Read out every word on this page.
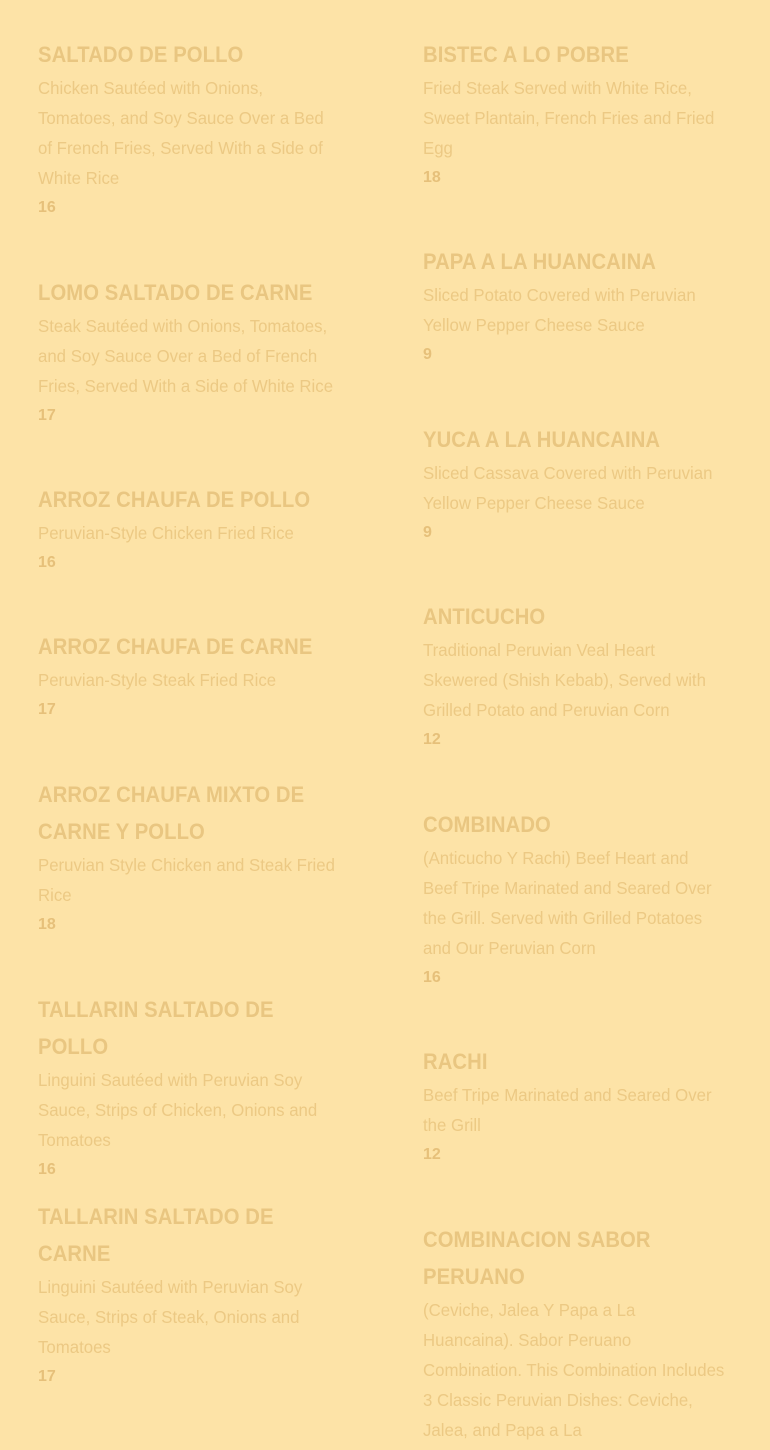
SALTADO DE POLLO

Chicken Sautéed with Onions, Tomatoes, and Soy Sauce Over a Bed of French Fries, Served With a Side of White Rice

16

LOMO SALTADO DE CARNE

Steak Sautéed with Onions, Tomatoes, and Soy Sauce Over a Bed of French Fries, Served With a Side of White Rice

17

ARROZ CHAUFA DE POLLO

Peruvian-Style Chicken Fried Rice

16

ARROZ CHAUFA DE CARNE

Peruvian-Style Steak Fried Rice

17

ARROZ CHAUFA MIXTO DE CARNE Y POLLO

Peruvian Style Chicken and Steak Fried Rice

18

TALLARIN SALTADO DE POLLO

Linguini Sautéed with Peruvian Soy Sauce, Strips of Chicken, Onions and Tomatoes

16

TALLARIN SALTADO DE CARNE

Linguini Sautéed with Peruvian Soy Sauce, Strips of Steak, Onions and Tomatoes

17

BISTEC A LO POBRE

Fried Steak Served with White Rice, Sweet Plantain, French Fries and Fried Egg

18

PAPA A LA HUANCAINA

Sliced Potato Covered with Peruvian Yellow Pepper Cheese Sauce

9

YUCA A LA HUANCAINA

Sliced Cassava Covered with Peruvian Yellow Pepper Cheese Sauce

9

ANTICUCHO

Traditional Peruvian Veal Heart Skewered (Shish Kebab), Served with Grilled Potato and Peruvian Corn

12

COMBINADO

(Anticucho Y Rachi) Beef Heart and Beef Tripe Marinated and Seared Over the Grill. Served with Grilled Potatoes and Our Peruvian Corn

16

RACHI

Beef Tripe Marinated and Seared Over the Grill

12

COMBINACION SABOR PERUANO

(Ceviche, Jalea Y Papa a La Huancaina). Sabor Peruano Combination. This Combination Includes 3 Classic Peruvian Dishes: Ceviche, Jalea, and Papa a La
